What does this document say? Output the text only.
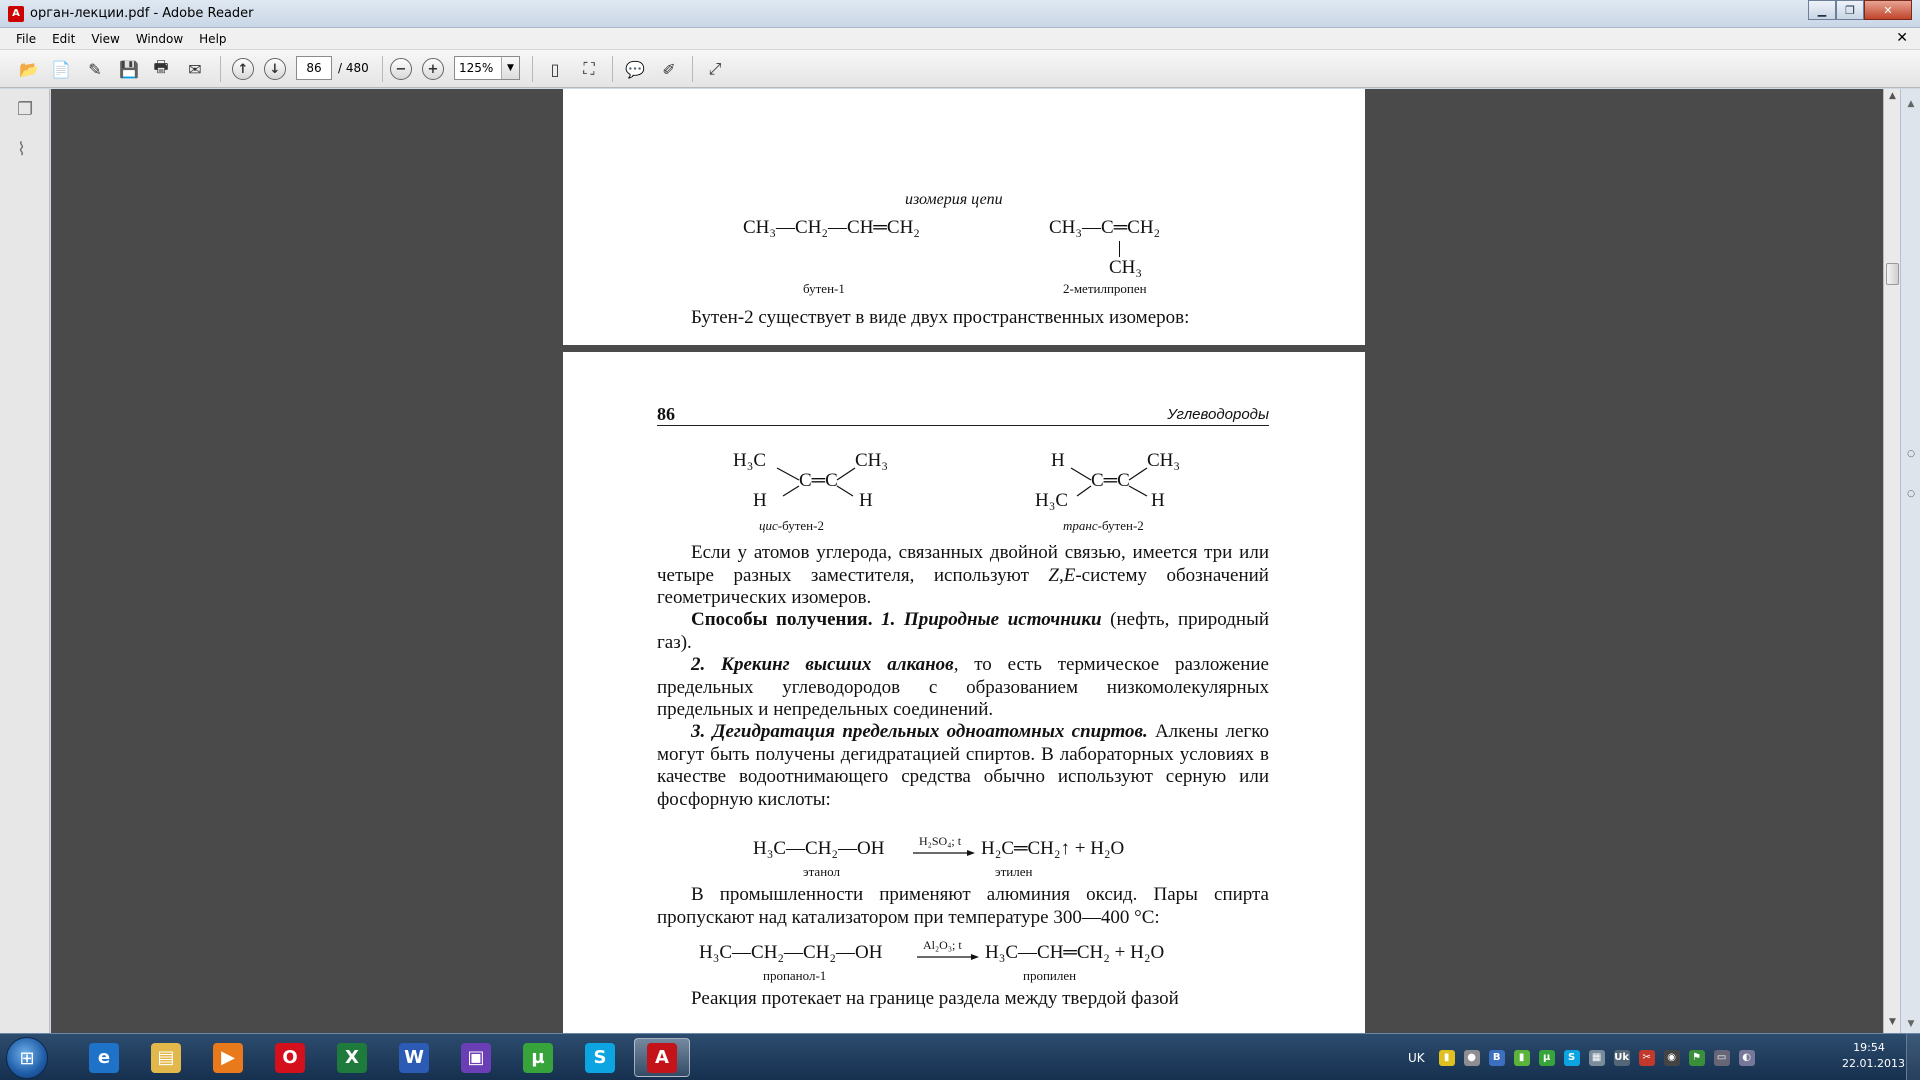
A орган-лекции.pdf - Adobe Reader	▁	❐	✕
File	Edit	View	Window	Help	✕
📂 📄 ✎ 💾 🖶 ✉	↑	↓	−	+	▯	⛶	💬 ✐ ⤢
86	/ 480	125%	▼
❐
⌇
изомерия цепи
CH₃—CH₂—CH═CH₂	CH₃—C═CH₂
CH₃
бутен-1	2-метилпропен
Бутен-2 существует в виде двух пространственных изомеров:
86	Углеводороды
H₃C	CH₃
C═C
H	H
цис-бутен-2
H	CH₃
C═C
H₃C	H
транс-бутен-2
Если у атомов углерода, связанных двойной связью, имеется три или четыре разных заместителя, используют Z,E-систему обозначений геометрических изомеров.
Способы получения. 1. Природные источники (нефть, природный газ).
2. Крекинг высших алканов, то есть термическое разложение предельных углеводородов с образованием низкомолекулярных предельных и непредельных соединений.
3. Дегидратация предельных одноатомных спиртов. Алкены легко могут быть получены дегидратацией спиртов. В лабораторных условиях в качестве водоотнимающего средства обычно используют серную или фосфорную кислоты:
H₃C—CH₂—OH	H₂SO₄; t H₂C═CH₂↑ + H₂O
этанол	этилен
В промышленности применяют алюминия оксид. Пары спирта пропускают над катализатором при температуре 300—400 °C:
H₃C—CH₂—CH₂—OH	Al₂O₃; t H₃C—CH═CH₂ + H₂O
пропанол-1	пропилен
Реакция протекает на границе раздела между твердой фазой
▲
▼
▲
○
○
▼
⊞	e	▤	▶	O	X	W	▣	µ	S	A	UK	▮	●	B	▮	µ	S	▦	Uk	✂	◉	⚑	▭	◐
19:54
22.01.2013
